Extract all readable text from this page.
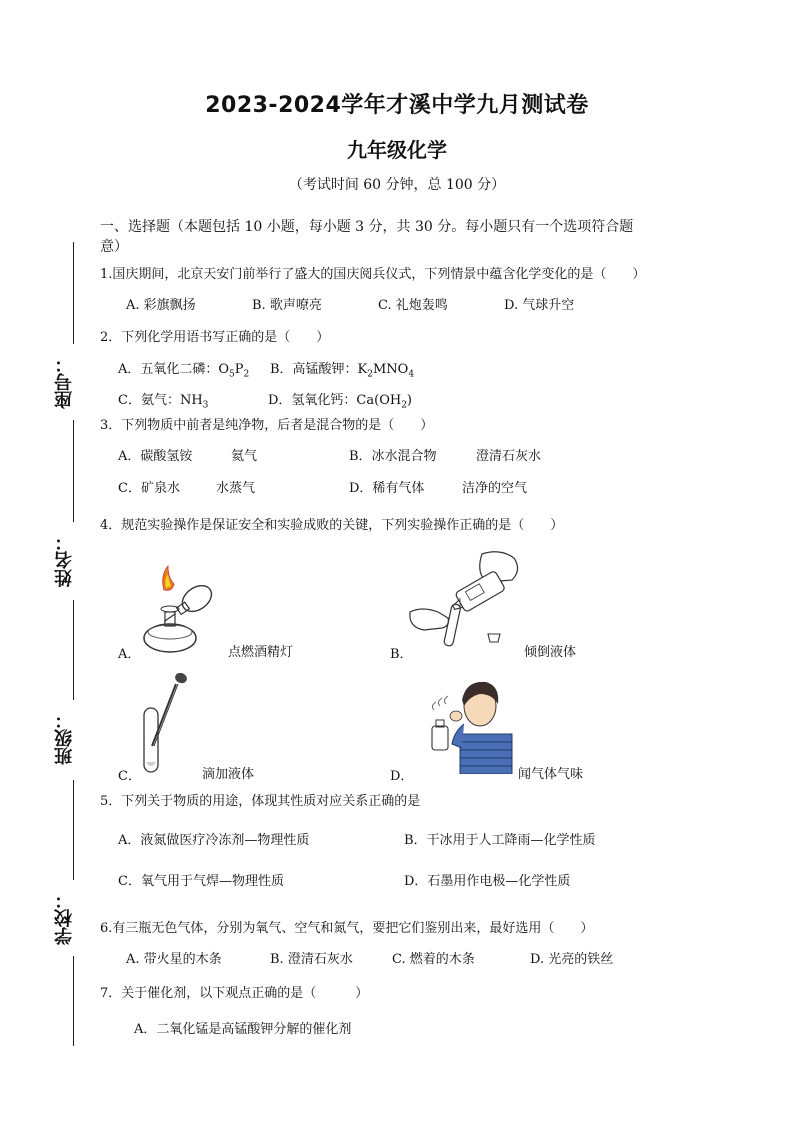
2023-2024学年才溪中学九月测试卷
九年级化学
（考试时间 60 分钟，总 100 分）
座号：
姓名：
班级：
学校：
一、选择题（本题包括 10 小题，每小题 3 分，共 30 分。每小题只有一个选项符合题
意）
1.国庆期间，北京天安门前举行了盛大的国庆阅兵仪式，下列情景中蕴含化学变化的是（　　）
A. 彩旗飘扬	B. 歌声嘹亮	C. 礼炮轰鸣	D. 气球升空
2．下列化学用语书写正确的是（　　）
A．五氧化二磷：$O_5P_2$ B．高锰酸钾：$K_2MNO_4$
C．氨气：$NH_3$	D．氢氧化钙：$Ca(OH_2)$
3．下列物质中前者是纯净物，后者是混合物的是（　　）
A．碳酸氢铵	氦气	B．冰水混合物	澄清石灰水
C．矿泉水	水蒸气	D．稀有气体	洁净的空气
4．规范实验操作是保证安全和实验成败的关键，下列实验操作正确的是（　　）
A．	点燃酒精灯	B．	倾倒液体
C．	滴加液体	D．	闻气体气味
5．下列关于物质的用途，体现其性质对应关系正确的是
A．液氮做医疗冷冻剂—物理性质	B．干冰用于人工降雨—化学性质
C．氧气用于气焊—物理性质	D．石墨用作电极—化学性质
6.有三瓶无色气体，分别为氧气、空气和氮气，要把它们鉴别出来，最好选用（　　）
A. 带火星的木条	B. 澄清石灰水	C. 燃着的木条	D. 光亮的铁丝
7．关于催化剂，以下观点正确的是（　　　）
A．二氧化锰是高锰酸钾分解的催化剂
